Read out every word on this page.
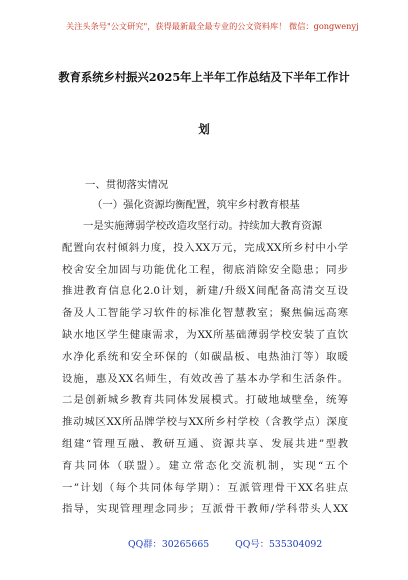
关注头条号"公文研究"，获得最新最全最专业的公文资料库！ 微信：gongwenyj
教育系统乡村振兴2025年上半年工作总结及下半年工作计
划
一、贯彻落实情况
（一）强化资源均衡配置，筑牢乡村教育根基
一是实施薄弱学校改造攻坚行动。持续加大教育资源
配置向农村倾斜力度，投入XX万元，完成XX所乡村中小学
校舍安全加固与功能优化工程，彻底消除安全隐患；同步
推进教育信息化2.0计划，新建/升级X间配备高清交互设
备及人工智能学习软件的标准化智慧教室；聚焦偏远高寒
缺水地区学生健康需求，为XX所基础薄弱学校安装了直饮
水净化系统和安全环保的（如碳晶板、电热油汀等）取暖
设施，惠及XX名师生，有效改善了基本办学和生活条件。
二是创新城乡教育共同体发展模式。打破地域壁垒，统筹
推动城区XX所品牌学校与XX所乡村学校（含教学点）深度
组建“管理互融、教研互通、资源共享、发展共进”型教
育共同体（联盟）。建立常态化交流机制，实现“五个
一”计划（每个共同体每学期）：互派管理骨干XX名驻点
指导，实现管理理念同步；互派骨干教师/学科带头人XX
QQ群：30265665	QQ号：535304092
